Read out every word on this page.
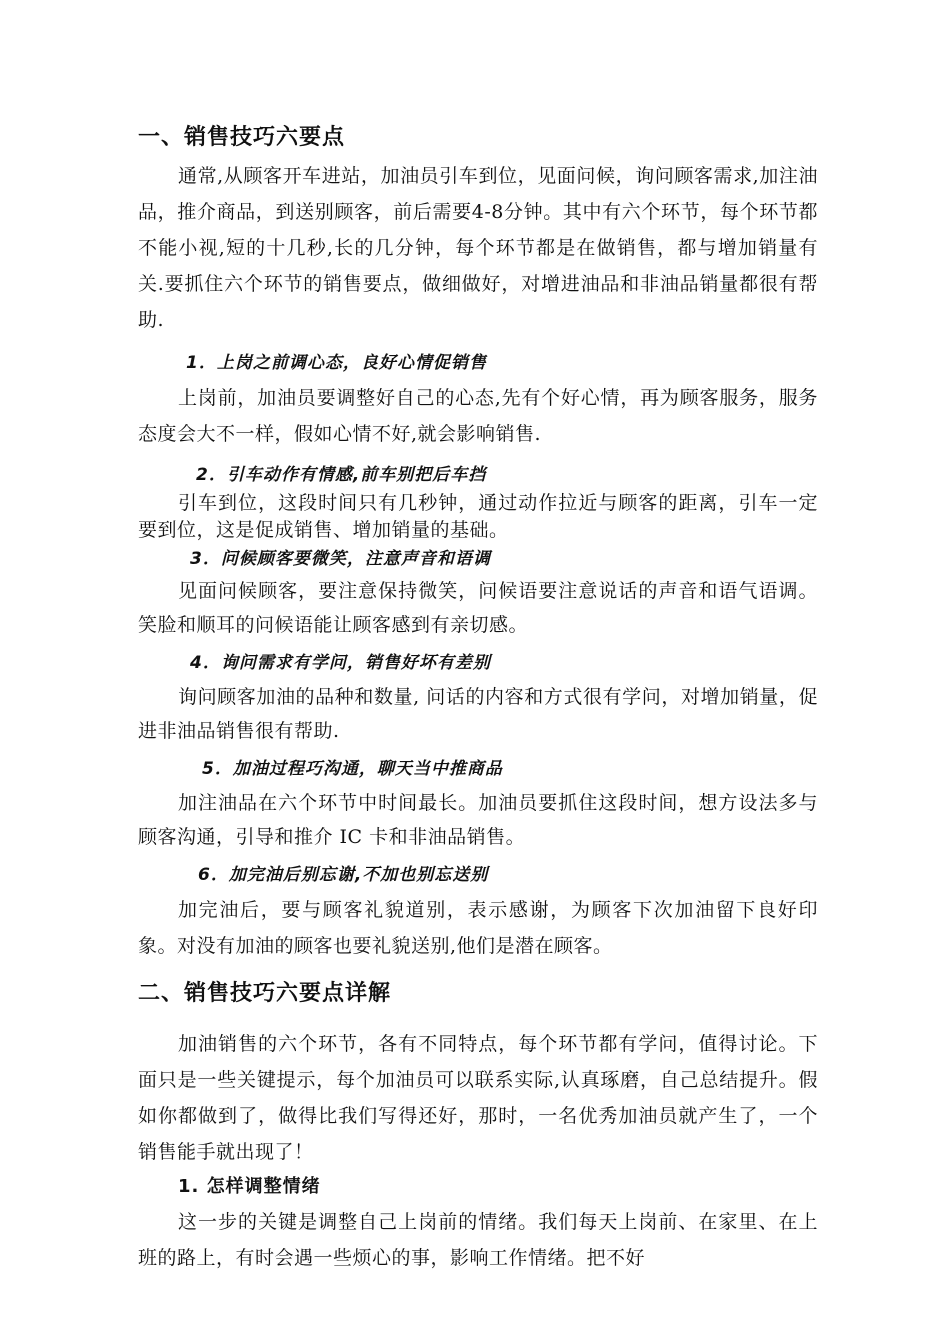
一、销售技巧六要点

通常,从顾客开车进站，加油员引车到位，见面问候，询问顾客需求,加注油品，推介商品，到送别顾客，前后需要4-8分钟。其中有六个环节，每个环节都不能小视,短的十几秒,长的几分钟，每个环节都是在做销售，都与增加销量有关.要抓住六个环节的销售要点，做细做好，对增进油品和非油品销量都很有帮助.

1．上岗之前调心态，良好心情促销售

上岗前，加油员要调整好自己的心态,先有个好心情，再为顾客服务，服务态度会大不一样，假如心情不好,就会影响销售.

2．引车动作有情感,前车别把后车挡

引车到位，这段时间只有几秒钟，通过动作拉近与顾客的距离，引车一定要到位，这是促成销售、增加销量的基础。

3．问候顾客要微笑，注意声音和语调

见面问候顾客，要注意保持微笑，问候语要注意说话的声音和语气语调。笑脸和顺耳的问候语能让顾客感到有亲切感。

4．询问需求有学问，销售好坏有差别

询问顾客加油的品种和数量, 问话的内容和方式很有学问，对增加销量，促进非油品销售很有帮助.

5．加油过程巧沟通，聊天当中推商品

加注油品在六个环节中时间最长。加油员要抓住这段时间，想方设法多与顾客沟通，引导和推介 IC 卡和非油品销售。

6．加完油后别忘谢,不加也别忘送别

加完油后，要与顾客礼貌道别，表示感谢，为顾客下次加油留下良好印象。对没有加油的顾客也要礼貌送别,他们是潜在顾客。

二、销售技巧六要点详解

加油销售的六个环节，各有不同特点，每个环节都有学问，值得讨论。下面只是一些关键提示，每个加油员可以联系实际,认真琢磨，自己总结提升。假如你都做到了，做得比我们写得还好，那时，一名优秀加油员就产生了，一个销售能手就出现了！

1. 怎样调整情绪

这一步的关键是调整自己上岗前的情绪。我们每天上岗前、在家里、在上班的路上，有时会遇一些烦心的事，影响工作情绪。把不好
